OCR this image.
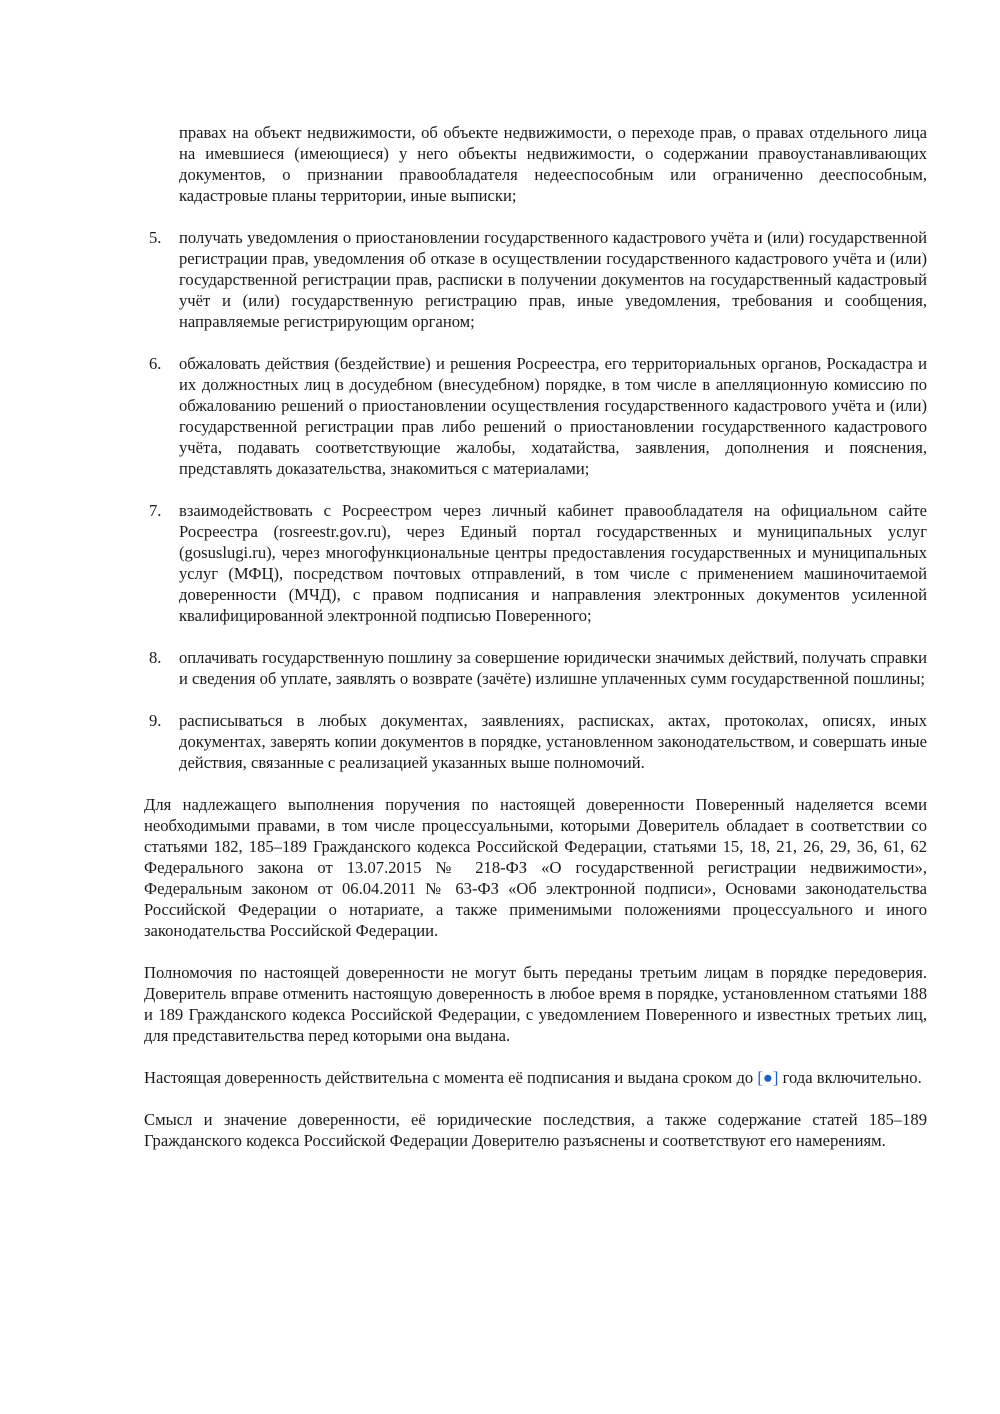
правах на объект недвижимости, об объекте недвижимости, о переходе прав, о правах отдельного лица на имевшиеся (имеющиеся) у него объекты недвижимости, о содержании правоустанавливающих документов, о признании правообладателя недееспособным или ограниченно дееспособным, кадастровые планы территории, иные выписки;
5.	получать уведомления о приостановлении государственного кадастрового учёта и (или) государственной регистрации прав, уведомления об отказе в осуществлении государственного кадастрового учёта и (или) государственной регистрации прав, расписки в получении документов на государственный кадастровый учёт и (или) государственную регистрацию прав, иные уведомления, требования и сообщения, направляемые регистрирующим органом;
6.	обжаловать действия (бездействие) и решения Росреестра, его территориальных органов, Роскадастра и их должностных лиц в досудебном (внесудебном) порядке, в том числе в апелляционную комиссию по обжалованию решений о приостановлении осуществления государственного кадастрового учёта и (или) государственной регистрации прав либо решений о приостановлении государственного кадастрового учёта, подавать соответствующие жалобы, ходатайства, заявления, дополнения и пояснения, представлять доказательства, знакомиться с материалами;
7.	взаимодействовать с Росреестром через личный кабинет правообладателя на официальном сайте Росреестра (rosreestr.gov.ru), через Единый портал государственных и муниципальных услуг (gosuslugi.ru), через многофункциональные центры предоставления государственных и муниципальных услуг (МФЦ), посредством почтовых отправлений, в том числе с применением машиночитаемой доверенности (МЧД), с правом подписания и направления электронных документов усиленной квалифицированной электронной подписью Поверенного;
8.	оплачивать государственную пошлину за совершение юридически значимых действий, получать справки и сведения об уплате, заявлять о возврате (зачёте) излишне уплаченных сумм государственной пошлины;
9.	расписываться в любых документах, заявлениях, расписках, актах, протоколах, описях, иных документах, заверять копии документов в порядке, установленном законодательством, и совершать иные действия, связанные с реализацией указанных выше полномочий.

Для надлежащего выполнения поручения по настоящей доверенности Поверенный наделяется всеми необходимыми правами, в том числе процессуальными, которыми Доверитель обладает в соответствии со статьями 182, 185–189 Гражданского кодекса Российской Федерации, статьями 15, 18, 21, 26, 29, 36, 61, 62 Федерального закона от 13.07.2015 № 218-ФЗ «О государственной регистрации недвижимости», Федеральным законом от 06.04.2011 № 63-ФЗ «Об электронной подписи», Основами законодательства Российской Федерации о нотариате, а также применимыми положениями процессуального и иного законодательства Российской Федерации.

Полномочия по настоящей доверенности не могут быть переданы третьим лицам в порядке передоверия. Доверитель вправе отменить настоящую доверенность в любое время в порядке, установленном статьями 188 и 189 Гражданского кодекса Российской Федерации, с уведомлением Поверенного и известных третьих лиц, для представительства перед которыми она выдана.

Настоящая доверенность действительна с момента её подписания и выдана сроком до [●] года включительно.

Смысл и значение доверенности, её юридические последствия, а также содержание статей 185–189 Гражданского кодекса Российской Федерации Доверителю разъяснены и соответствуют его намерениям.
